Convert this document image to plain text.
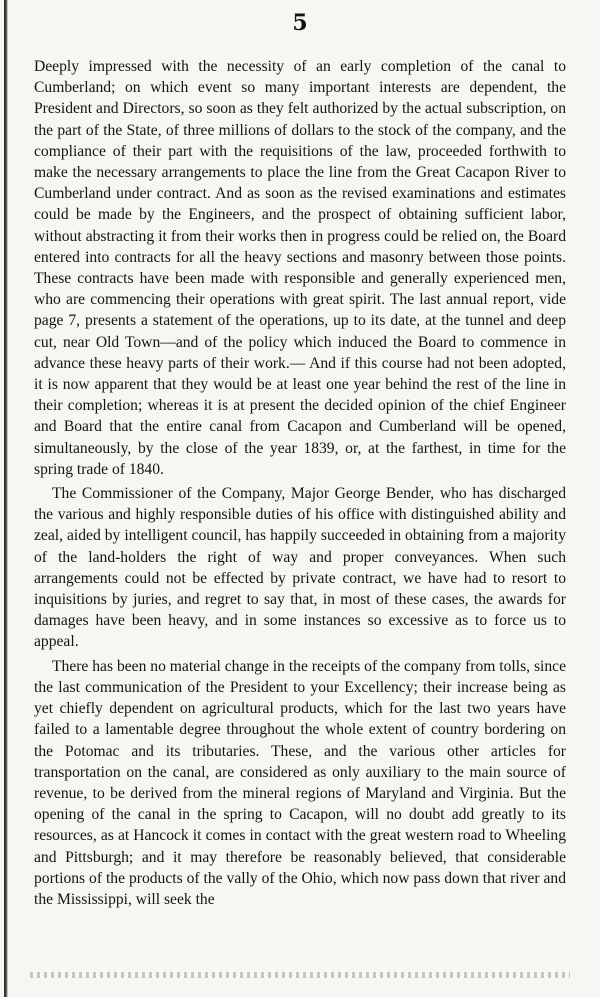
5

Deeply impressed with the necessity of an early completion of the canal to Cumberland; on which event so many important interests are dependent, the President and Directors, so soon as they felt authorized by the actual subscription, on the part of the State, of three millions of dollars to the stock of the company, and the compliance of their part with the requisitions of the law, proceeded forthwith to make the necessary arrangements to place the line from the Great Cacapon River to Cumberland under contract. And as soon as the revised examinations and estimates could be made by the Engineers, and the prospect of obtaining sufficient labor, without abstracting it from their works then in progress could be relied on, the Board entered into contracts for all the heavy sections and masonry between those points. These contracts have been made with responsible and generally experienced men, who are commencing their operations with great spirit. The last annual report, vide page 7, presents a statement of the operations, up to its date, at the tunnel and deep cut, near Old Town—and of the policy which induced the Board to commence in advance these heavy parts of their work.— And if this course had not been adopted, it is now apparent that they would be at least one year behind the rest of the line in their completion; whereas it is at present the decided opinion of the chief Engineer and Board that the entire canal from Cacapon and Cumberland will be opened, simultaneously, by the close of the year 1839, or, at the farthest, in time for the spring trade of 1840.

The Commissioner of the Company, Major George Bender, who has discharged the various and highly responsible duties of his office with distinguished ability and zeal, aided by intelligent council, has happily succeeded in obtaining from a majority of the land-holders the right of way and proper conveyances. When such arrangements could not be effected by private contract, we have had to resort to inquisitions by juries, and regret to say that, in most of these cases, the awards for damages have been heavy, and in some instances so excessive as to force us to appeal.

There has been no material change in the receipts of the company from tolls, since the last communication of the President to your Excellency; their increase being as yet chiefly dependent on agricultural products, which for the last two years have failed to a lamentable degree throughout the whole extent of country bordering on the Potomac and its tributaries. These, and the various other articles for transportation on the canal, are considered as only auxiliary to the main source of revenue, to be derived from the mineral regions of Maryland and Virginia. But the opening of the canal in the spring to Cacapon, will no doubt add greatly to its resources, as at Hancock it comes in contact with the great western road to Wheeling and Pittsburgh; and it may therefore be reasonably believed, that considerable portions of the products of the vally of the Ohio, which now pass down that river and the Mississippi, will seek the
